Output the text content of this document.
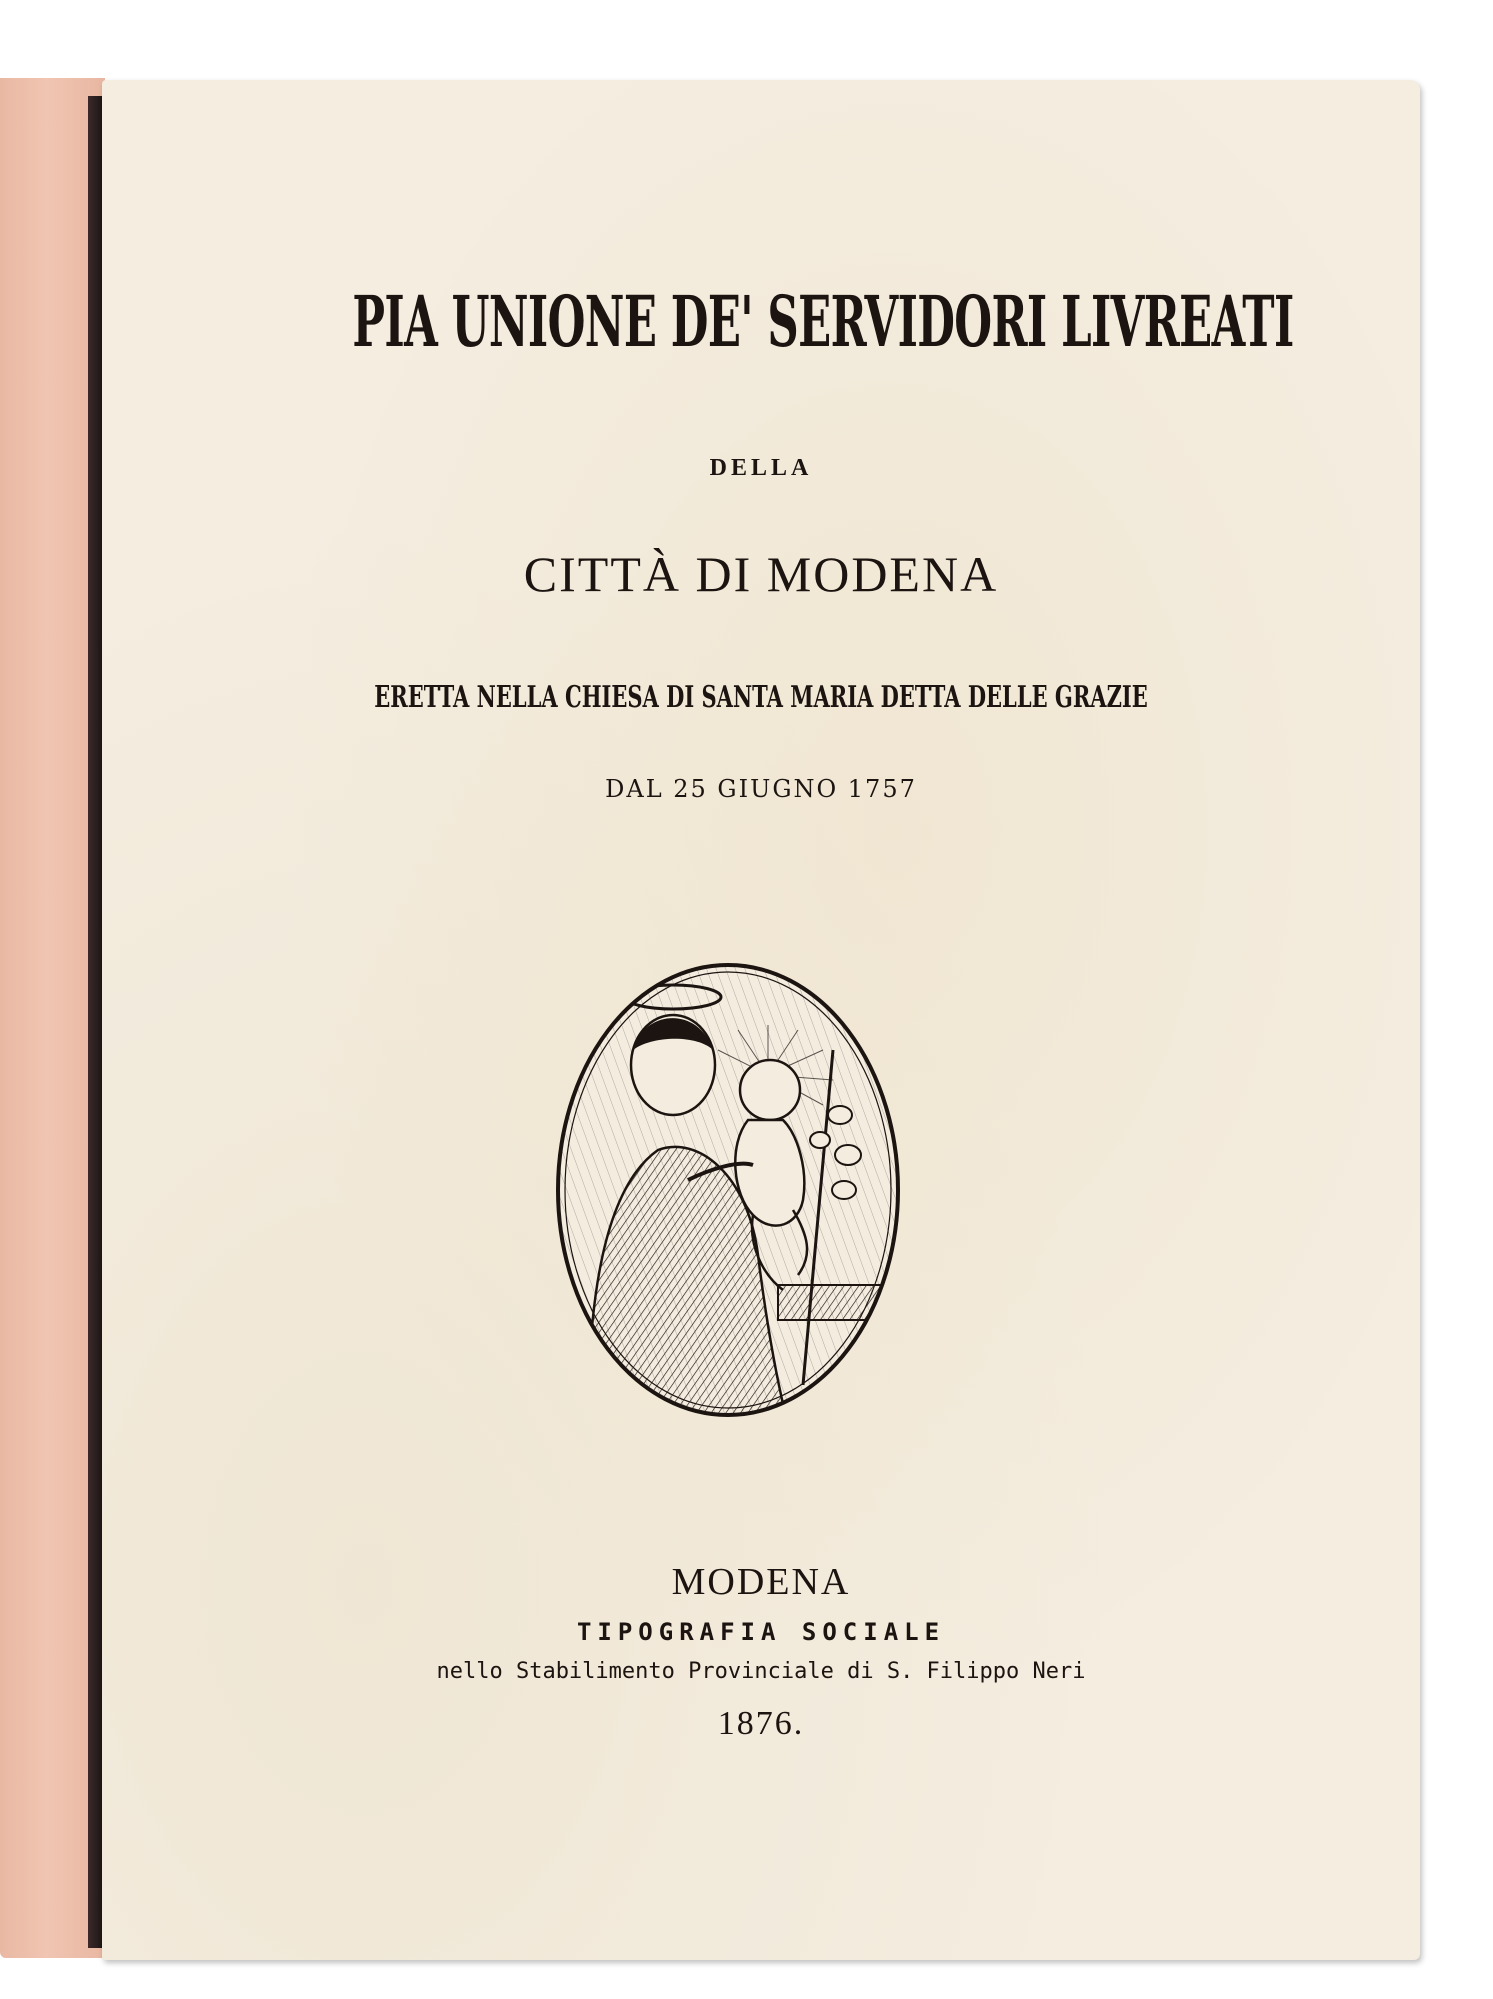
PIA UNIONE DE' SERVIDORI LIVREATI

DELLA

CITTÀ DI MODENA

ERETTA NELLA CHIESA DI SANTA MARIA DETTA DELLE GRAZIE

DAL 25 GIUGNO 1757

MODENA

TIPOGRAFIA SOCIALE

nello Stabilimento Provinciale di S. Filippo Neri

1876.
